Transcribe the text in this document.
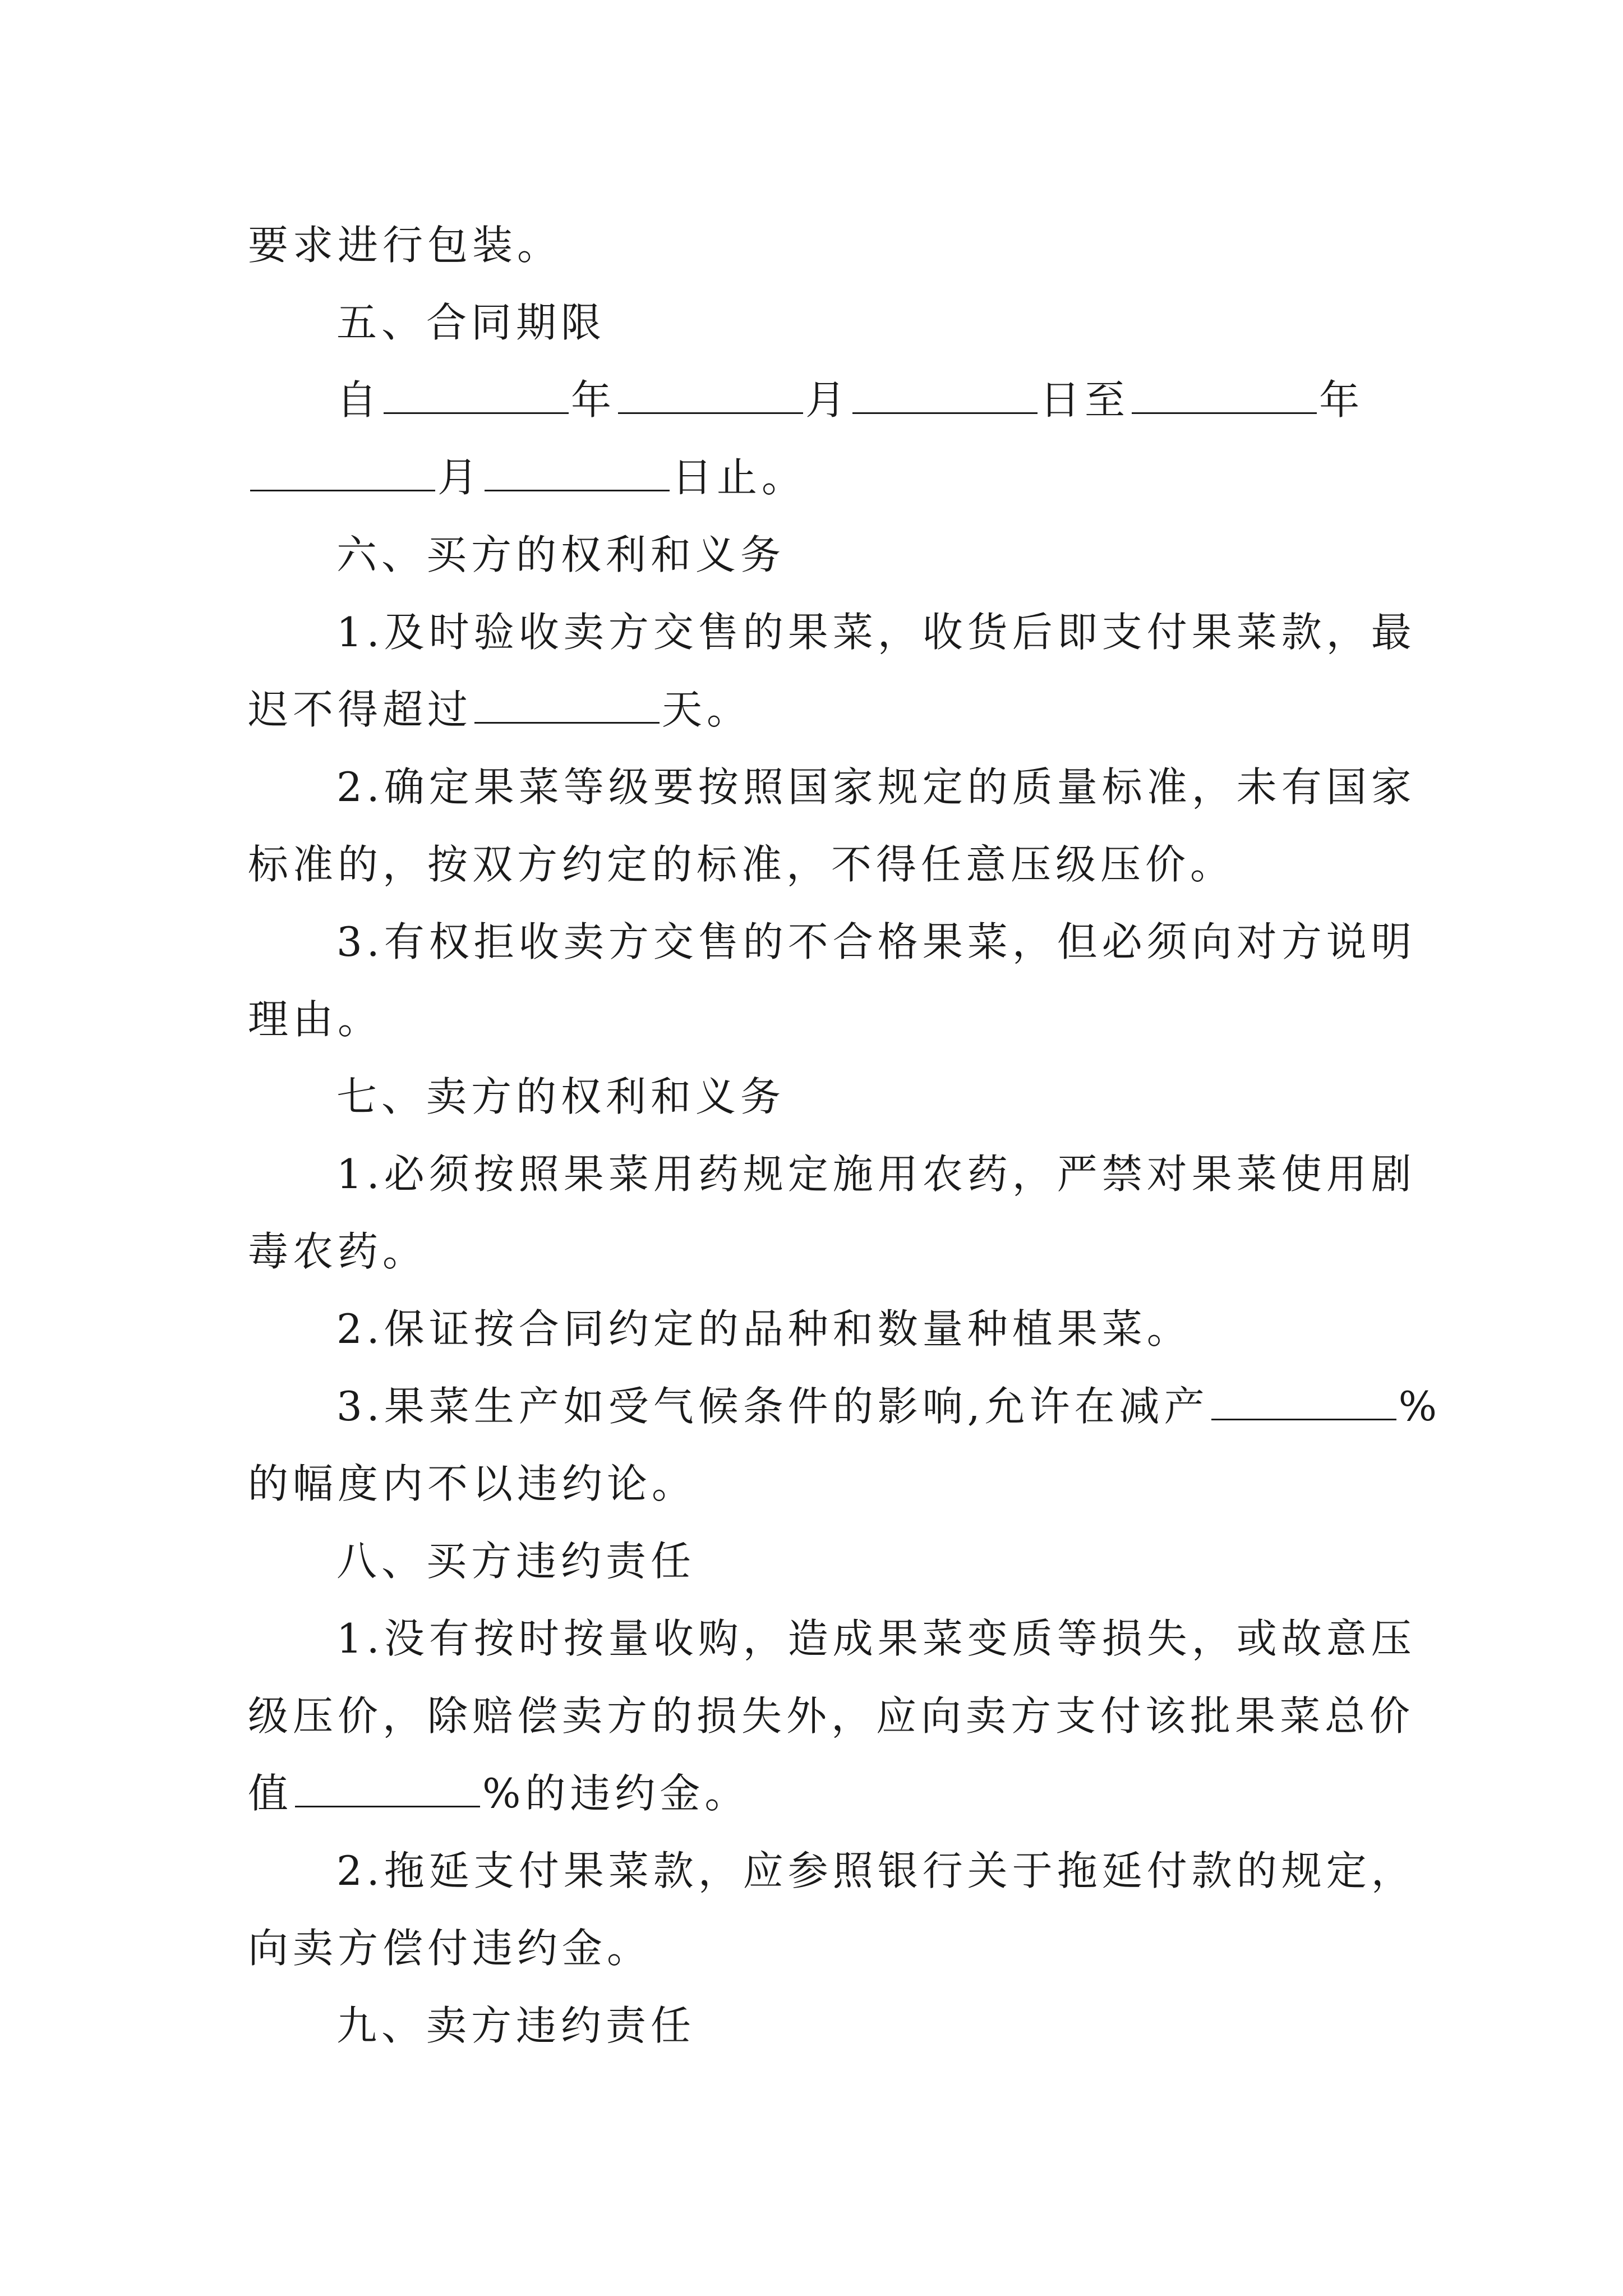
要求进行包装。
五、合同期限
自	年	月	日至	年
月	日止。
六、买方的权利和义务
1.及时验收卖方交售的果菜，收货后即支付果菜款，最
迟不得超过	天。
2.确定果菜等级要按照国家规定的质量标准，未有国家
标准的，按双方约定的标准，不得任意压级压价。
3.有权拒收卖方交售的不合格果菜，但必须向对方说明
理由。
七、卖方的权利和义务
1.必须按照果菜用药规定施用农药，严禁对果菜使用剧
毒农药。
2.保证按合同约定的品种和数量种植果菜。
3.果菜生产如受气候条件的影响,允许在减产	%
的幅度内不以违约论。
八、买方违约责任
1.没有按时按量收购，造成果菜变质等损失，或故意压
级压价，除赔偿卖方的损失外，应向卖方支付该批果菜总价
值	%的违约金。
2.拖延支付果菜款，应参照银行关于拖延付款的规定，
向卖方偿付违约金。
九、卖方违约责任
